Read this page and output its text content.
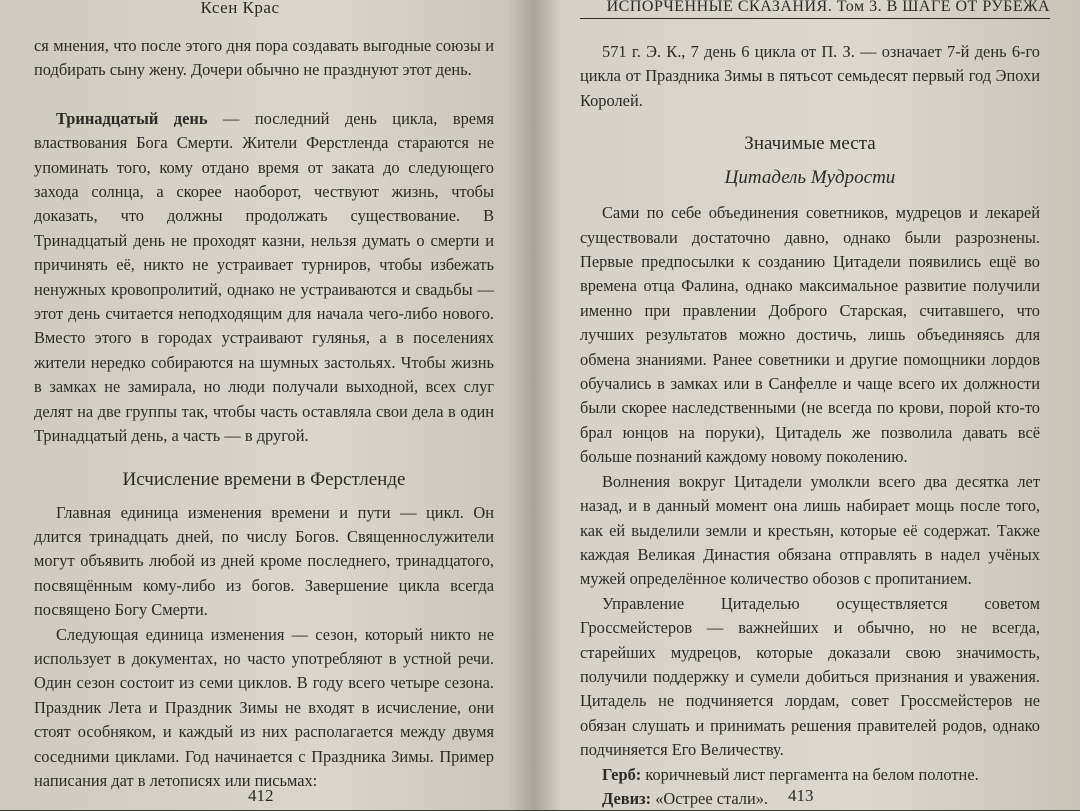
Ксен Крас

ся мнения, что после этого дня пора создавать выгодные союзы и подбирать сыну жену. Дочери обычно не празднуют этот день.

Тринадцатый день — последний день цикла, время властвования Бога Смерти. Жители Ферстленда стараются не упоминать того, кому отдано время от заката до следующего захода солнца, а скорее наоборот, чествуют жизнь, чтобы доказать, что должны продолжать существование. В Тринадцатый день не проходят казни, нельзя думать о смерти и причинять её, никто не устраивает турниров, чтобы избежать ненужных кровопролитий, однако не устраиваются и свадьбы — этот день считается неподходящим для начала чего-либо нового. Вместо этого в городах устраивают гулянья, а в поселениях жители нередко собираются на шумных застольях. Чтобы жизнь в замках не замирала, но люди получали выходной, всех слуг делят на две группы так, чтобы часть оставляла свои дела в один Тринадцатый день, а часть — в другой.

Исчисление времени в Ферстленде

Главная единица изменения времени и пути — цикл. Он длится тринадцать дней, по числу Богов. Священнослужители могут объявить любой из дней кроме последнего, тринадцатого, посвящённым кому-либо из богов. Завершение цикла всегда посвящено Богу Смерти.

Следующая единица изменения — сезон, который никто не использует в документах, но часто употребляют в устной речи. Один сезон состоит из семи циклов. В году всего четыре сезона. Праздник Лета и Праздник Зимы не входят в исчисление, они стоят особняком, и каждый из них располагается между двумя соседними циклами. Год начинается с Праздника Зимы. Пример написания дат в летописях или письмах:

412
ИСПОРЧЕННЫЕ СКАЗАНИЯ. Том 3. В ШАГЕ ОТ РУБЕЖА

571 г. Э. К., 7 день 6 цикла от П. З. — означает 7-й день 6-го цикла от Праздника Зимы в пятьсот семьдесят первый год Эпохи Королей.

Значимые места
Цитадель Мудрости

Сами по себе объединения советников, мудрецов и лекарей существовали достаточно давно, однако были разрознены. Первые предпосылки к созданию Цитадели появились ещё во времена отца Фалина, однако максимальное развитие получили именно при правлении Доброго Старская, считавшего, что лучших результатов можно достичь, лишь объединяясь для обмена знаниями. Ранее советники и другие помощники лордов обучались в замках или в Санфелле и чаще всего их должности были скорее наследственными (не всегда по крови, порой кто-то брал юнцов на поруки), Цитадель же позволила давать всё больше познаний каждому новому поколению.

Волнения вокруг Цитадели умолкли всего два десятка лет назад, и в данный момент она лишь набирает мощь после того, как ей выделили земли и крестьян, которые её содержат. Также каждая Великая Династия обязана отправлять в надел учёных мужей определённое количество обозов с пропитанием.

Управление Цитаделью осуществляется советом Гроссмейстеров — важнейших и обычно, но не всегда, старейших мудрецов, которые доказали свою значимость, получили поддержку и сумели добиться признания и уважения. Цитадель не подчиняется лордам, совет Гроссмейстеров не обязан слушать и принимать решения правителей родов, однако подчиняется Его Величеству.

Герб: коричневый лист пергамента на белом полотне.

Девиз: «Острее стали».	413
